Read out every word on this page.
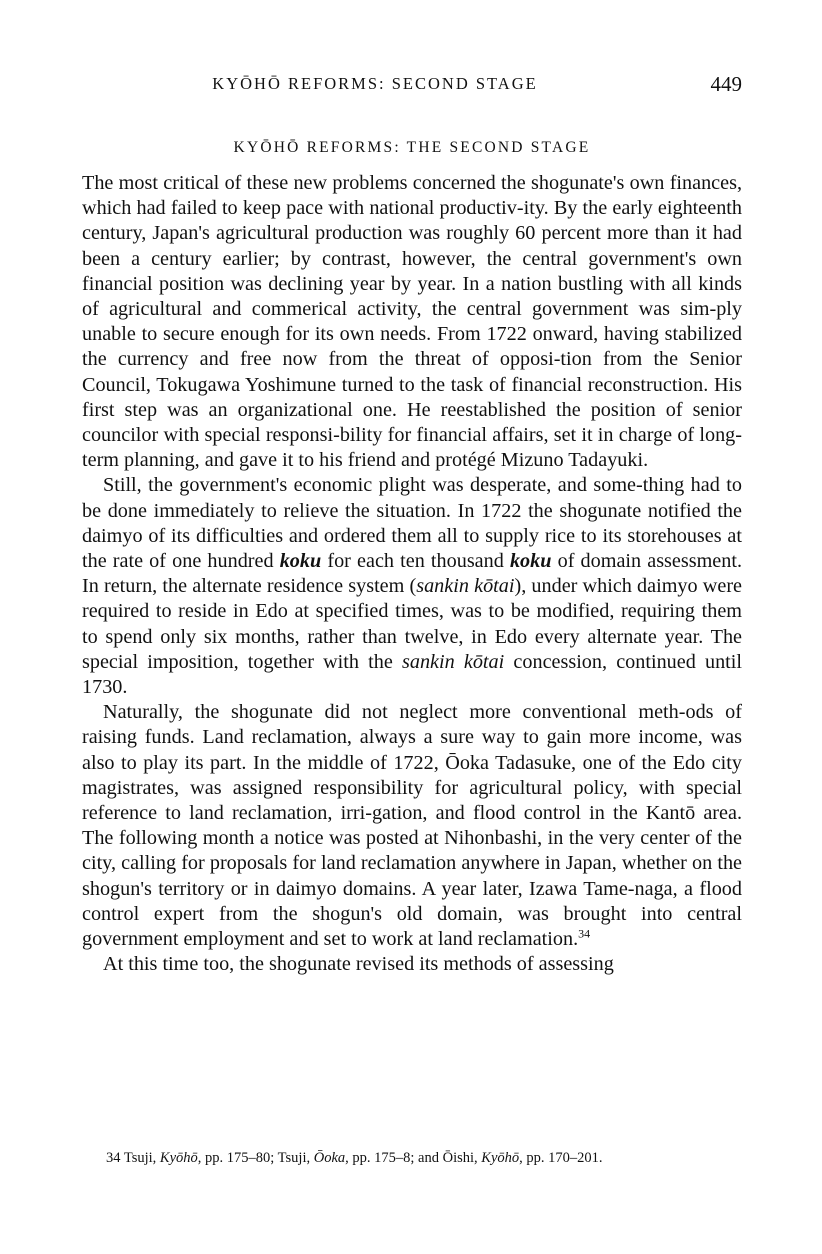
KYŌHŌ REFORMS: SECOND STAGE	449
KYŌHŌ REFORMS: THE SECOND STAGE

The most critical of these new problems concerned the shogunate's own finances, which had failed to keep pace with national productiv-ity. By the early eighteenth century, Japan's agricultural production was roughly 60 percent more than it had been a century earlier; by contrast, however, the central government's own financial position was declining year by year. In a nation bustling with all kinds of agricultural and commerical activity, the central government was sim-ply unable to secure enough for its own needs. From 1722 onward, having stabilized the currency and free now from the threat of opposi-tion from the Senior Council, Tokugawa Yoshimune turned to the task of financial reconstruction. His first step was an organizational one. He reestablished the position of senior councilor with special responsi-bility for financial affairs, set it in charge of long-term planning, and gave it to his friend and protégé Mizuno Tadayuki.

Still, the government's economic plight was desperate, and some-thing had to be done immediately to relieve the situation. In 1722 the shogunate notified the daimyo of its difficulties and ordered them all to supply rice to its storehouses at the rate of one hundred koku for each ten thousand koku of domain assessment. In return, the alternate residence system (sankin kōtai), under which daimyo were required to reside in Edo at specified times, was to be modified, requiring them to spend only six months, rather than twelve, in Edo every alternate year. The special imposition, together with the sankin kōtai concession, continued until 1730.

Naturally, the shogunate did not neglect more conventional meth-ods of raising funds. Land reclamation, always a sure way to gain more income, was also to play its part. In the middle of 1722, Ōoka Tadasuke, one of the Edo city magistrates, was assigned responsibility for agricultural policy, with special reference to land reclamation, irri-gation, and flood control in the Kantō area. The following month a notice was posted at Nihonbashi, in the very center of the city, calling for proposals for land reclamation anywhere in Japan, whether on the shogun's territory or in daimyo domains. A year later, Izawa Tame-naga, a flood control expert from the shogun's old domain, was brought into central government employment and set to work at land reclamation.$^{34}$

At this time too, the shogunate revised its methods of assessing

34 Tsuji, Kyōhō, pp. 175–80; Tsuji, Ōoka, pp. 175–8; and Ōishi, Kyōhō, pp. 170–201.
